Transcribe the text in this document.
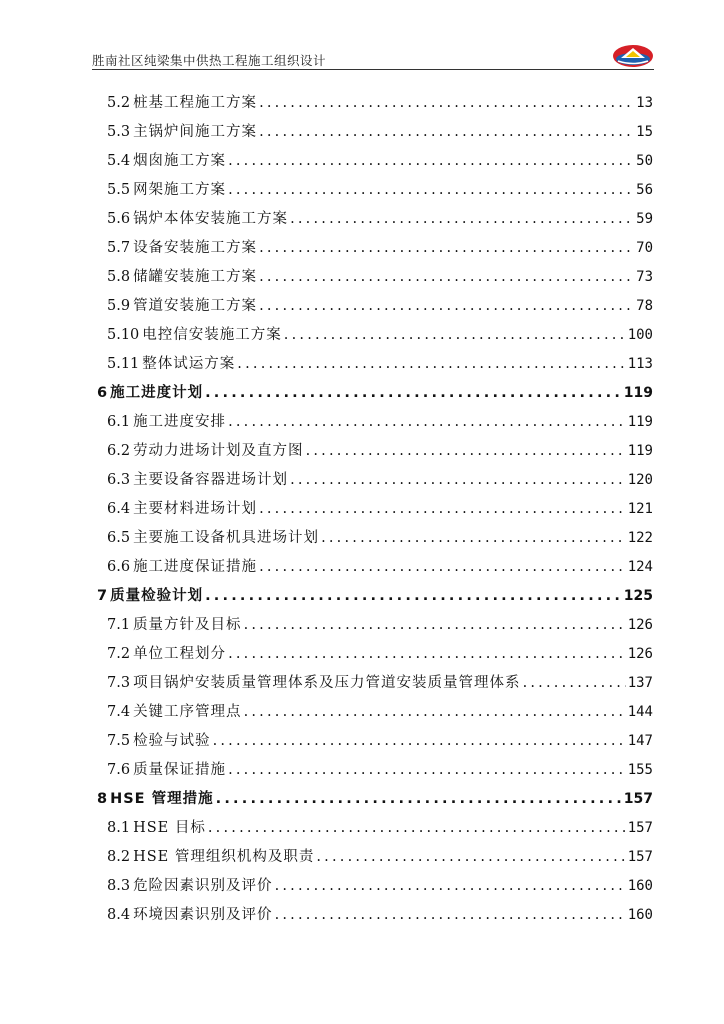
胜南社区纯梁集中供热工程施工组织设计
5.2 桩基工程施工方案 .....	13
5.3 主锅炉间施工方案 .....	15
5.4 烟囱施工方案 .....	50
5.5 网架施工方案 .....	56
5.6 锅炉本体安装施工方案 .....	59
5.7 设备安装施工方案 .....	70
5.8 储罐安装施工方案 .....	73
5.9 管道安装施工方案 .....	78
5.10 电控信安装施工方案 .....	100
5.11 整体试运方案 .....	113
6 施工进度计划 .....	119
6.1 施工进度安排 .....	119
6.2 劳动力进场计划及直方图 .....	119
6.3 主要设备容器进场计划 .....	120
6.4 主要材料进场计划 .....	121
6.5 主要施工设备机具进场计划 .....	122
6.6 施工进度保证措施 .....	124
7 质量检验计划 .....	125
7.1 质量方针及目标 .....	126
7.2 单位工程划分 .....	126
7.3 项目锅炉安装质量管理体系及压力管道安装质量管理体系 .....	137
7.4 关键工序管理点 .....	144
7.5 检验与试验 .....	147
7.6 质量保证措施 .....	155
8 HSE 管理措施 .....	157
8.1 HSE 目标 .....	157
8.2 HSE 管理组织机构及职责 .....	157
8.3 危险因素识别及评价 .....	160
8.4 环境因素识别及评价 .....	160
